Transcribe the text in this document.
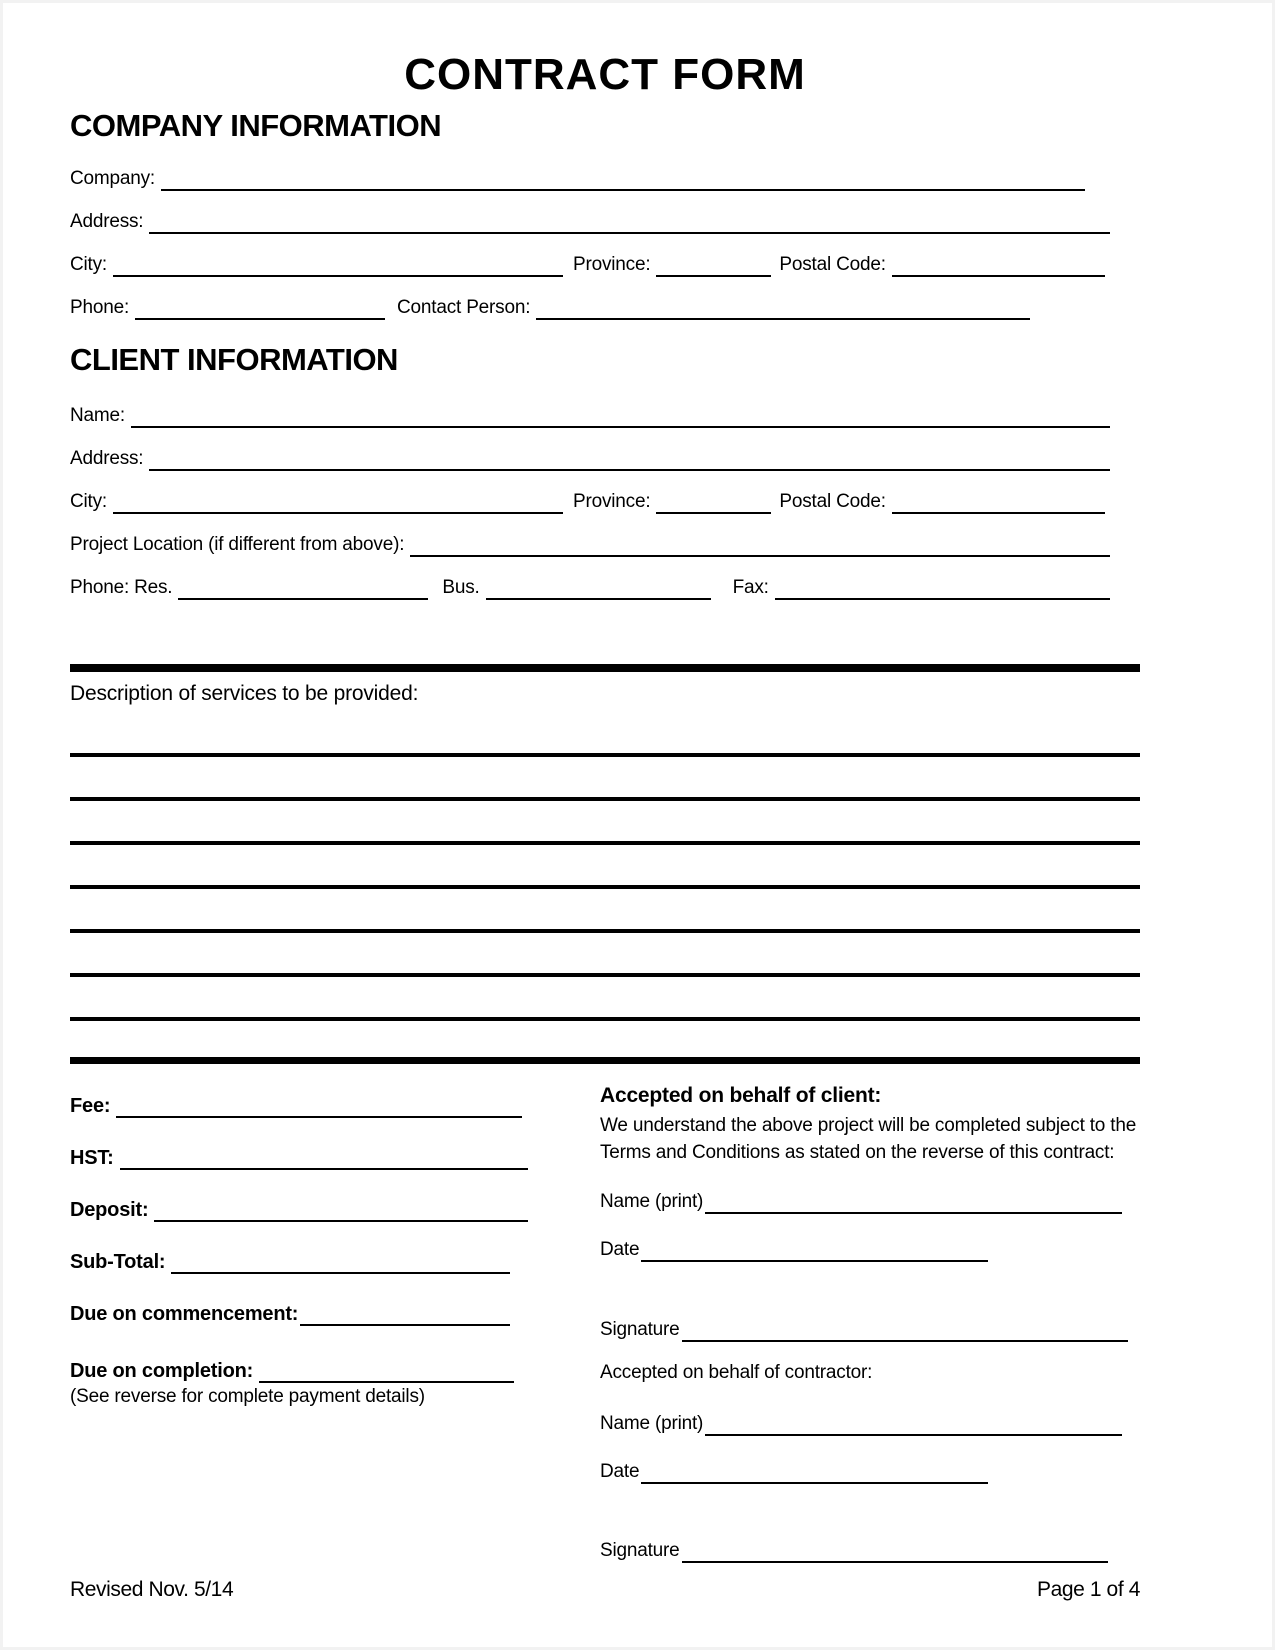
CONTRACT FORM
COMPANY INFORMATION
Company:
Address:
City:	Province:	Postal Code:
Phone:	Contact Person:
CLIENT INFORMATION
Name:
Address:
City:	Province:	Postal Code:
Project Location (if different from above):
Phone: Res.	Bus.	Fax:
Description of services to be provided:
Fee:
HST:
Deposit:
Sub-Total:
Due on commencement:
Due on completion:
(See reverse for complete payment details)
Accepted on behalf of client:
We understand the above project will be completed subject to the Terms and Conditions as stated on the reverse of this contract:
Name (print)
Date
Signature
Accepted on behalf of contractor:
Name (print)
Date
Signature
Revised Nov. 5/14	Page 1 of 4
